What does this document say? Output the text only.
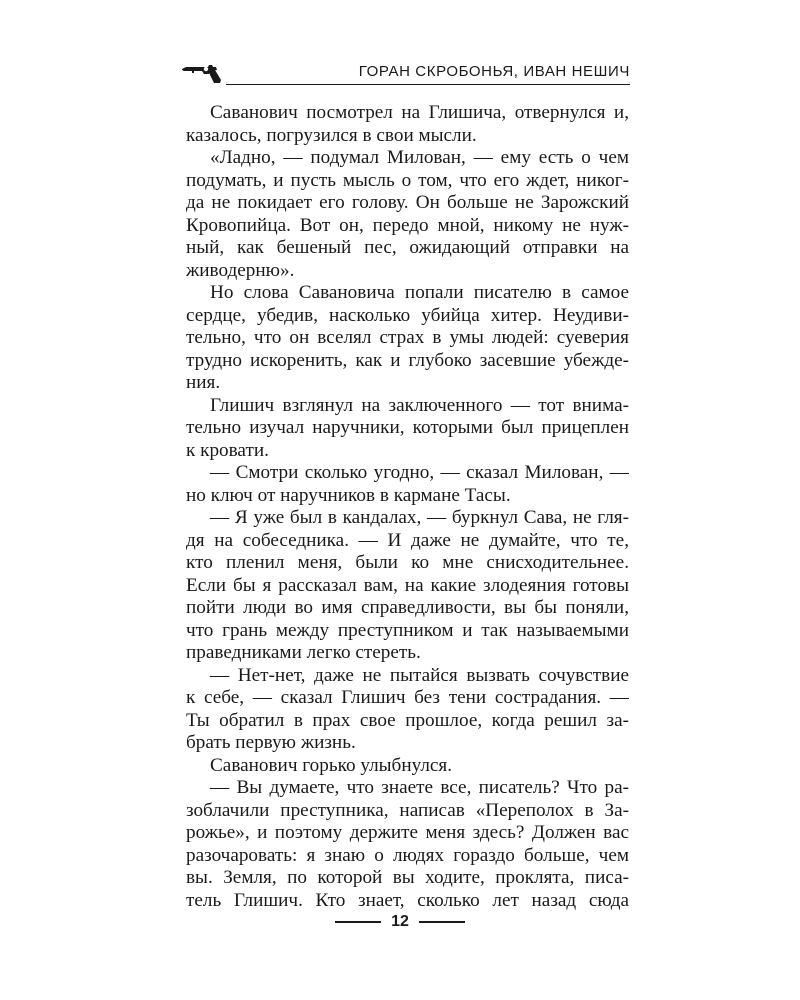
ГОРАН СКРОБОНЬЯ, ИВАН НЕШИЧ
Савaнович посмотрел на Глишича, отвернулся и,
казалось, погрузился в свои мысли.
«Ладно, — подумал Милован, — ему есть о чем
подумать, и пусть мысль о том, что его ждет, никог-
да не покидает его голову. Он больше не Зарожский
Кровопийца. Вот он, передо мной, никому не нуж-
ный, как бешеный пес, ожидающий отправки на
живодерню».
Но слова Савановича попали писателю в самое
сердце, убедив, насколько убийца хитер. Неудиви-
тельно, что он вселял страх в умы людей: суеверия
трудно искоренить, как и глубоко засевшие убежде-
ния.
Глишич взглянул на заключенного — тот внима-
тельно изучал наручники, которыми был прицеплен
к кровати.
— Смотри сколько угодно, — сказал Милован, —
но ключ от наручников в кармане Тасы.
— Я уже был в кандалах, — буркнул Сава, не гля-
дя на собеседника. — И даже не думайте, что те,
кто пленил меня, были ко мне снисходительнее.
Если бы я рассказал вам, на какие злодеяния готовы
пойти люди во имя справедливости, вы бы поняли,
что грань между преступником и так называемыми
праведниками легко стереть.
— Нет-нет, даже не пытайся вызвать сочувствие
к себе, — сказал Глишич без тени сострадания. —
Ты обратил в прах свое прошлое, когда решил за-
брать первую жизнь.
Саванович горько улыбнулся.
— Вы думаете, что знаете все, писатель? Что ра-
зоблачили преступника, написав «Переполох в За-
рожье», и поэтому держите меня здесь? Должен вас
разочаровать: я знаю о людях гораздо больше, чем
вы. Земля, по которой вы ходите, проклята, писа-
тель Глишич. Кто знает, сколько лет назад сюда
12
